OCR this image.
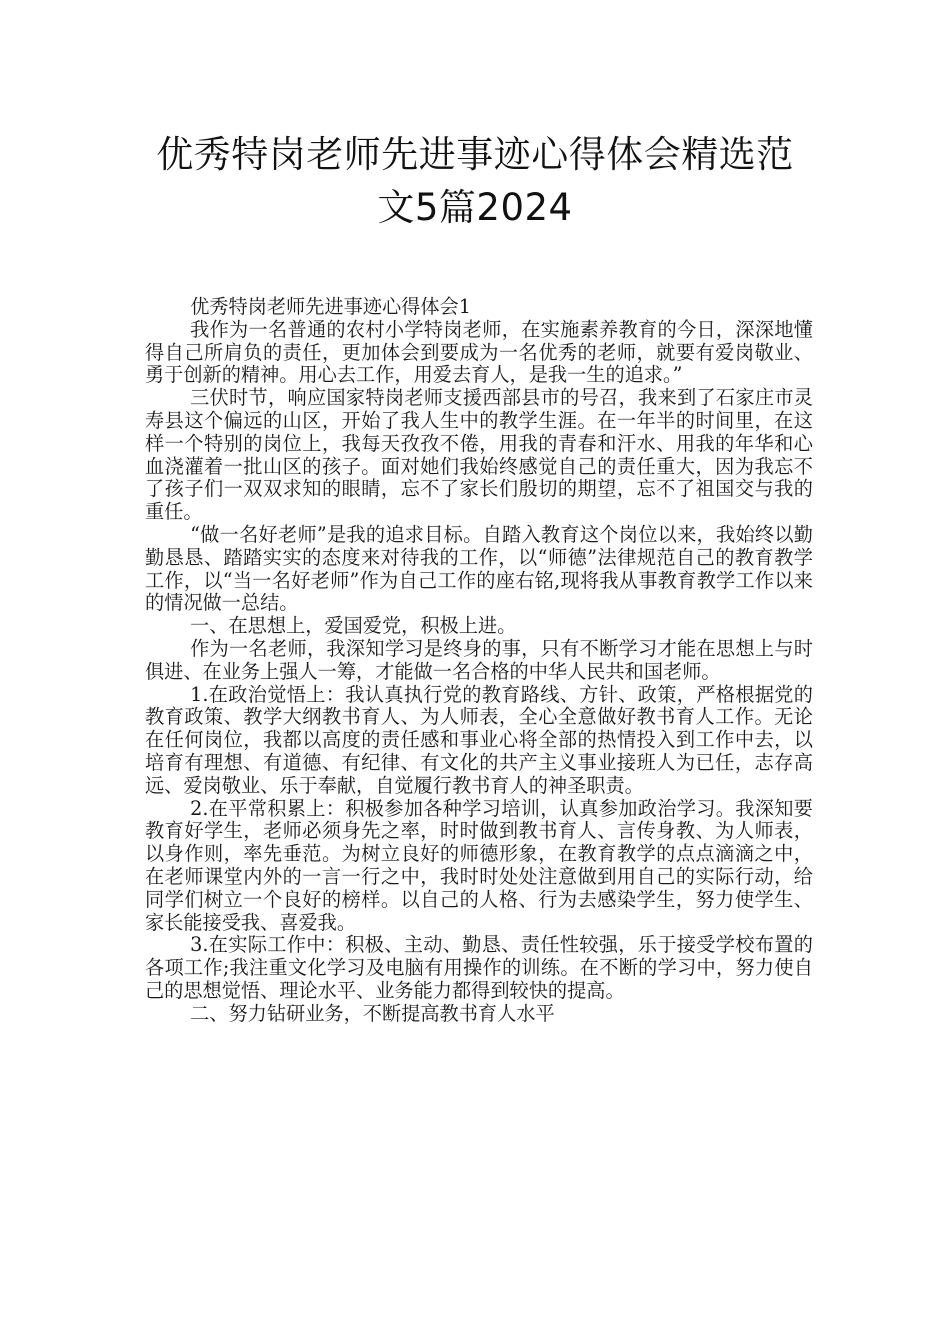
优秀特岗老师先进事迹心得体会精选范
文5篇2024

优秀特岗老师先进事迹心得体会1

我作为一名普通的农村小学特岗老师，在实施素养教育的今日，深深地懂得自己所肩负的责任，更加体会到要成为一名优秀的老师，就要有爱岗敬业、勇于创新的精神。用心去工作，用爱去育人，是我一生的追求。”

三伏时节，响应国家特岗老师支援西部县市的号召，我来到了石家庄市灵寿县这个偏远的山区，开始了我人生中的教学生涯。在一年半的时间里，在这样一个特别的岗位上，我每天孜孜不倦，用我的青春和汗水、用我的年华和心血浇灌着一批山区的孩子。面对她们我始终感觉自己的责任重大，因为我忘不了孩子们一双双求知的眼睛，忘不了家长们殷切的期望，忘不了祖国交与我的重任。

“做一名好老师”是我的追求目标。自踏入教育这个岗位以来，我始终以勤勤恳恳、踏踏实实的态度来对待我的工作，以“师德”法律规范自己的教育教学工作，以“当一名好老师”作为自己工作的座右铭,现将我从事教育教学工作以来的情况做一总结。

一、在思想上，爱国爱党，积极上进。

作为一名老师，我深知学习是终身的事，只有不断学习才能在思想上与时俱进、在业务上强人一筹，才能做一名合格的中华人民共和国老师。

1.在政治觉悟上：我认真执行党的教育路线、方针、政策，严格根据党的教育政策、教学大纲教书育人、为人师表，全心全意做好教书育人工作。无论在任何岗位，我都以高度的责任感和事业心将全部的热情投入到工作中去，以培育有理想、有道德、有纪律、有文化的共产主义事业接班人为已任，志存高远、爱岗敬业、乐于奉献，自觉履行教书育人的神圣职责。

2.在平常积累上：积极参加各种学习培训，认真参加政治学习。我深知要教育好学生，老师必须身先之率，时时做到教书育人、言传身教、为人师表，以身作则，率先垂范。为树立良好的师德形象，在教育教学的点点滴滴之中，在老师课堂内外的一言一行之中，我时时处处注意做到用自己的实际行动，给同学们树立一个良好的榜样。以自己的人格、行为去感染学生，努力使学生、家长能接受我、喜爱我。

3.在实际工作中：积极、主动、勤恳、责任性较强，乐于接受学校布置的各项工作;我注重文化学习及电脑有用操作的训练。在不断的学习中，努力使自己的思想觉悟、理论水平、业务能力都得到较快的提高。

二、努力钻研业务，不断提高教书育人水平
